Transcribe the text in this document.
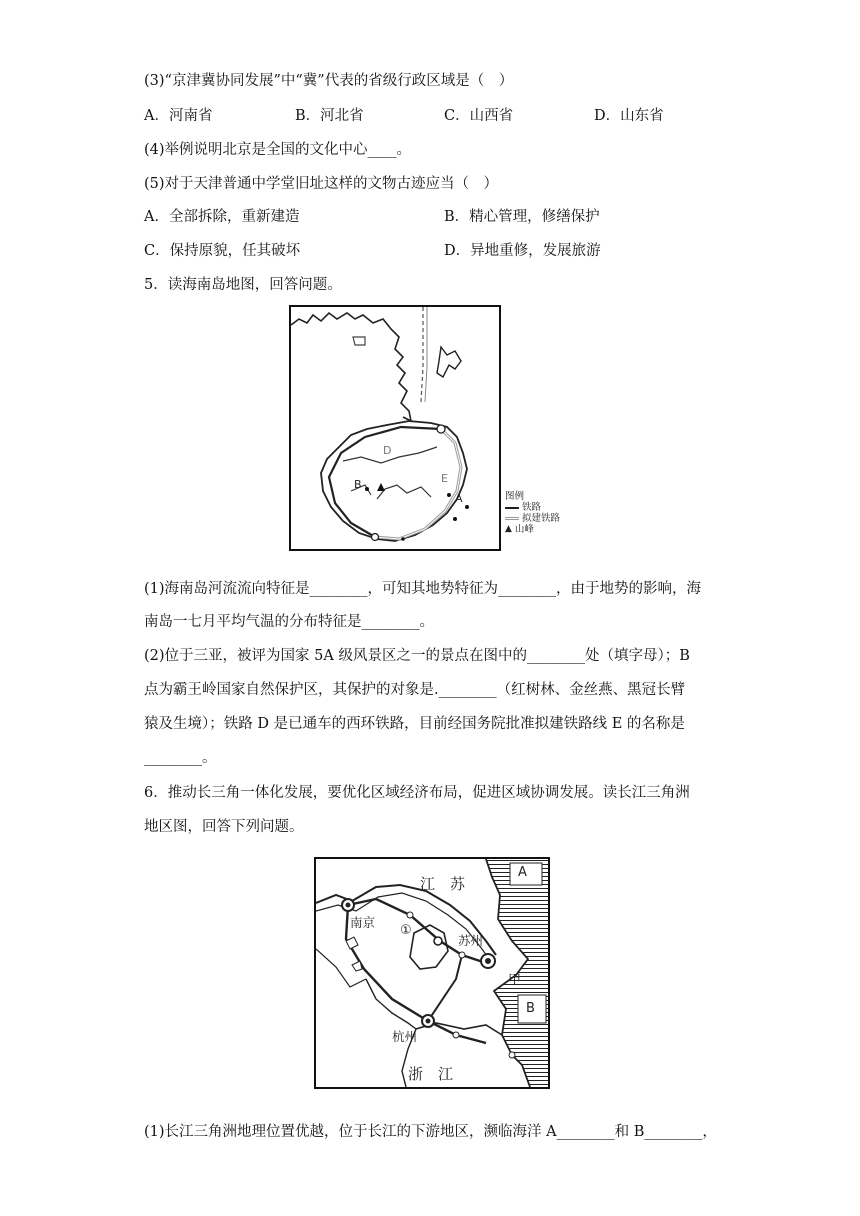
(3)“京津冀协同发展”中“冀”代表的省级行政区域是（　）
A．河南省	B．河北省	C．山西省	D．山东省
(4)举例说明北京是全国的文化中心____。
(5)对于天津普通中学堂旧址这样的文物古迹应当（　）
A．全部拆除，重新建造	B．精心管理，修缮保护
C．保持原貌，任其破坏	D．异地重修，发展旅游
5．读海南岛地图，回答问题。
D
B	E
A	图例
铁路
拟建铁路
▲ 山峰
(1)海南岛河流流向特征是________，可知其地势特征为________，由于地势的影响，海
南岛一七月平均气温的分布特征是________。
(2)位于三亚，被评为国家 5A 级风景区之一的景点在图中的________处（填字母）；B
点为霸王岭国家自然保护区，其保护的对象是.________（红树林、金丝燕、黑冠长臂
猿及生境）；铁路 D 是已通车的西环铁路，目前经国务院批准拟建铁路线 E 的名称是
________。
6．推动长三角一体化发展，要优化区域经济布局，促进区域协调发展。读长江三角洲
地区图，回答下列问题。
江　苏
南京
①
苏州
甲
杭州
浙　江
A
B
(1)长江三角洲地理位置优越，位于长江的下游地区，濒临海洋 A________和 B________，
